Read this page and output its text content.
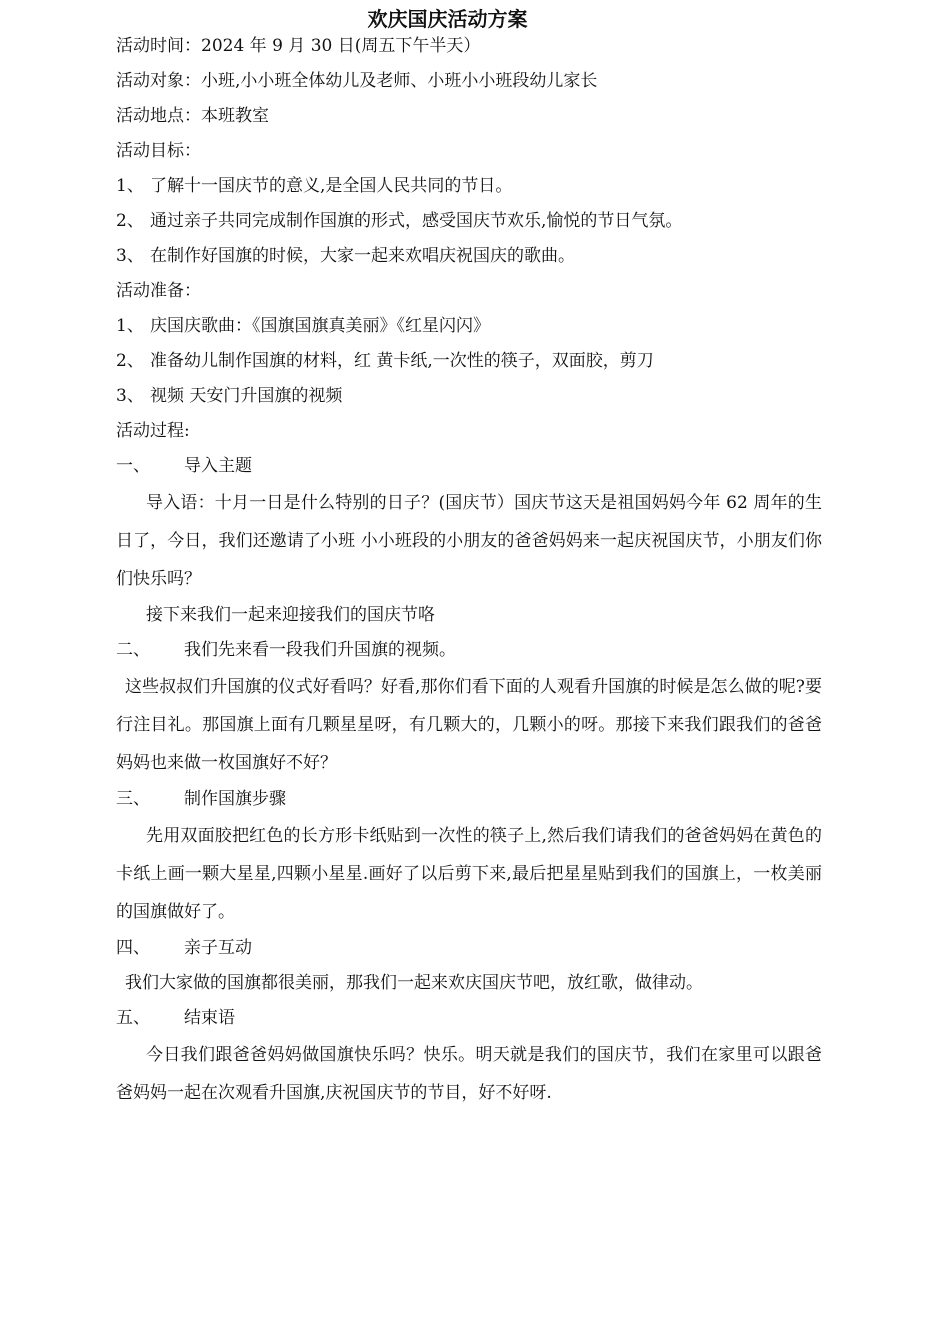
欢庆国庆活动方案

活动时间：2024 年 9 月 30 日(周五下午半天）

活动对象：小班,小小班全体幼儿及老师、小班小小班段幼儿家长

活动地点：本班教室

活动目标：

1、 了解十一国庆节的意义,是全国人民共同的节日。

2、 通过亲子共同完成制作国旗的形式，感受国庆节欢乐,愉悦的节日气氛。

3、 在制作好国旗的时候，大家一起来欢唱庆祝国庆的歌曲。

活动准备：

1、 庆国庆歌曲：《国旗国旗真美丽》《红星闪闪》

2、 准备幼儿制作国旗的材料，红 黄卡纸,一次性的筷子，双面胶，剪刀

3、 视频 天安门升国旗的视频

活动过程:

一、 导入主题

导入语：十月一日是什么特别的日子？(国庆节）国庆节这天是祖国妈妈今年 62 周年的生日了，今日，我们还邀请了小班 小小班段的小朋友的爸爸妈妈来一起庆祝国庆节，小朋友们你们快乐吗？

接下来我们一起来迎接我们的国庆节咯

二、 我们先来看一段我们升国旗的视频。

这些叔叔们升国旗的仪式好看吗？好看,那你们看下面的人观看升国旗的时候是怎么做的呢?要行注目礼。那国旗上面有几颗星星呀，有几颗大的，几颗小的呀。那接下来我们跟我们的爸爸妈妈也来做一枚国旗好不好？

三、 制作国旗步骤

先用双面胶把红色的长方形卡纸贴到一次性的筷子上,然后我们请我们的爸爸妈妈在黄色的卡纸上画一颗大星星,四颗小星星.画好了以后剪下来,最后把星星贴到我们的国旗上，一枚美丽的国旗做好了。

四、 亲子互动

我们大家做的国旗都很美丽，那我们一起来欢庆国庆节吧，放红歌，做律动。

五、 结束语

今日我们跟爸爸妈妈做国旗快乐吗？快乐。明天就是我们的国庆节，我们在家里可以跟爸爸妈妈一起在次观看升国旗,庆祝国庆节的节目，好不好呀.
